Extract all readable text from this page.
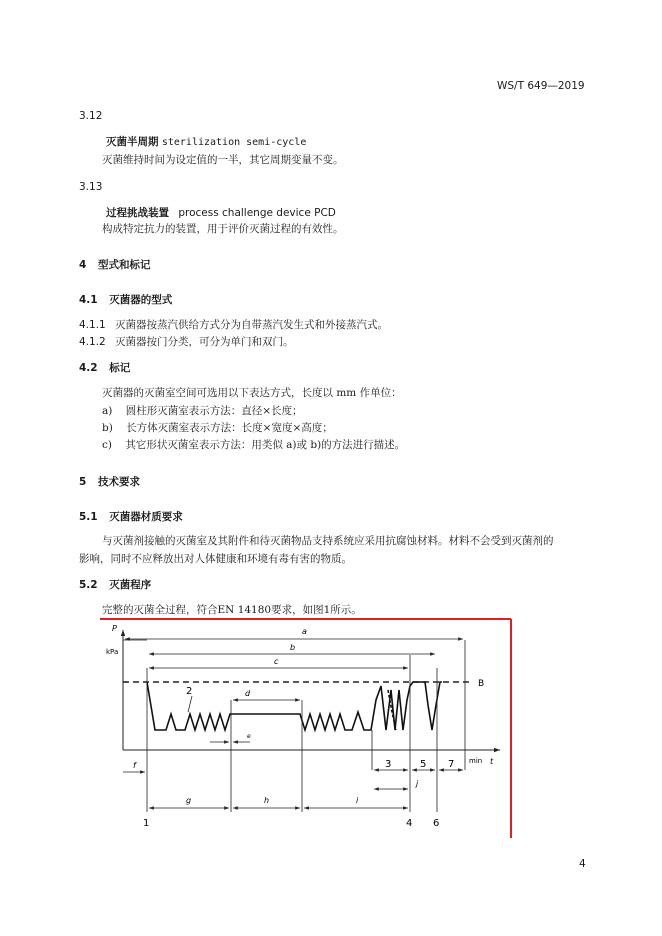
WS/T 649—2019
3.12
灭菌半周期 sterilization semi-cycle
灭菌维持时间为设定值的一半，其它周期变量不变。
3.13
过程挑战装置 process challenge device PCD
构成特定抗力的装置，用于评价灭菌过程的有效性。
4 型式和标记
4.1 灭菌器的型式
4.1.1 灭菌器按蒸汽供给方式分为自带蒸汽发生式和外接蒸汽式。
4.1.2 灭菌器按门分类，可分为单门和双门。
4.2 标记
灭菌器的灭菌室空间可选用以下表达方式，长度以 mm 作单位：
a) 圆柱形灭菌室表示方法：直径×长度；
b) 长方体灭菌室表示方法：长度×宽度×高度；
c) 其它形状灭菌室表示方法：用类似 a)或 b)的方法进行描述。
5 技术要求
5.1 灭菌器材质要求
与灭菌剂接触的灭菌室及其附件和待灭菌物品支持系统应采用抗腐蚀材料。材料不会受到灭菌剂的
影响，同时不应释放出对人体健康和环境有毒有害的物质。
5.2 灭菌程序
完整的灭菌全过程，符合EN 14180要求，如图1所示。
P
kPa
min t
B
a
b
c
d
e
f
g	h	i
j
3	5 7
2
1	4 6
4
